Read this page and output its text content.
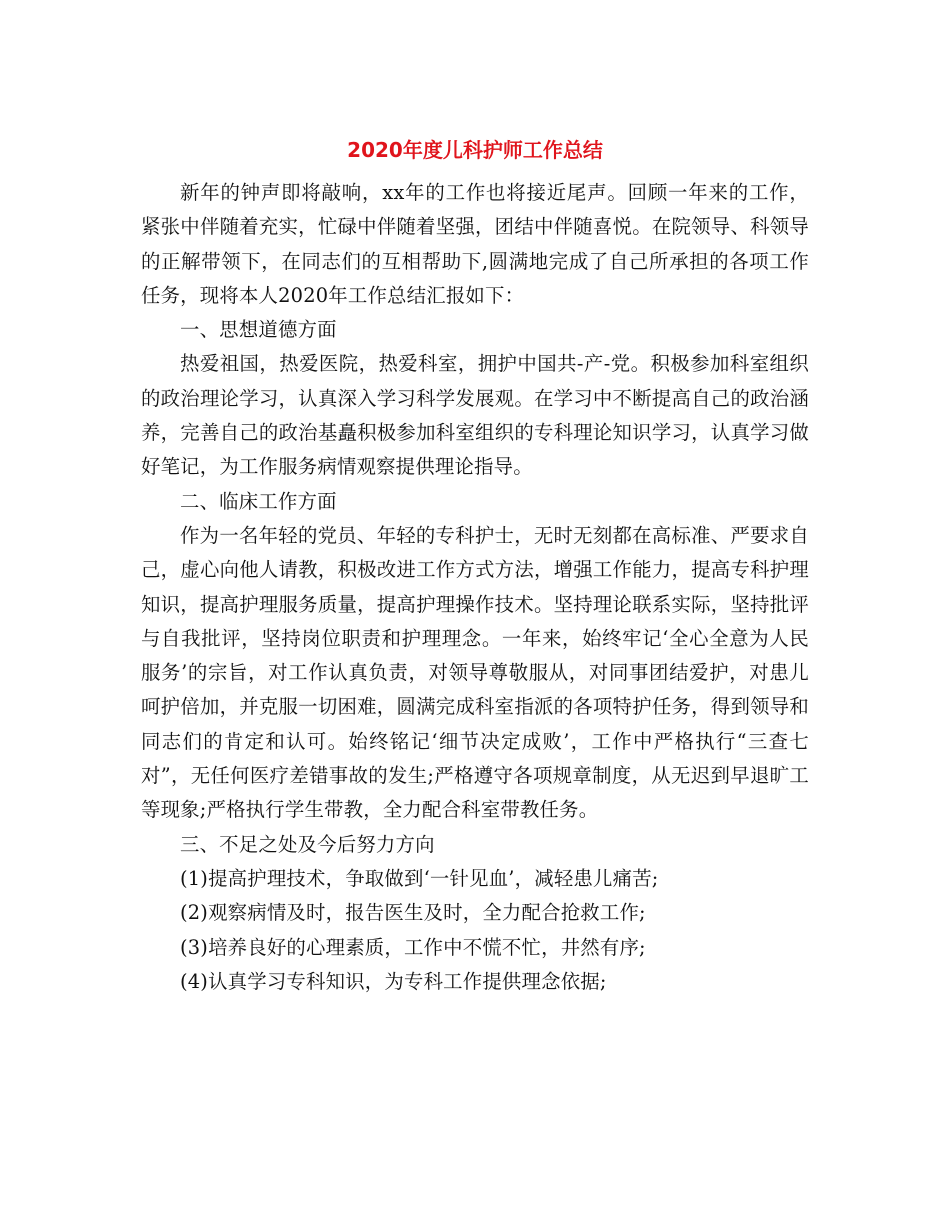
2020年度儿科护师工作总结

新年的钟声即将敲响，xx年的工作也将接近尾声。回顾一年来的工作，紧张中伴随着充实，忙碌中伴随着坚强，团结中伴随喜悦。在院领导、科领导的正解带领下，在同志们的互相帮助下,圆满地完成了自己所承担的各项工作任务，现将本人2020年工作总结汇报如下：

一、思想道德方面

热爱祖国，热爱医院，热爱科室，拥护中国共-产-党。积极参加科室组织的政治理论学习，认真深入学习科学发展观。在学习中不断提高自己的政治涵养，完善自己的政治基矗积极参加科室组织的专科理论知识学习，认真学习做好笔记，为工作服务病情观察提供理论指导。

二、临床工作方面

作为一名年轻的党员、年轻的专科护士，无时无刻都在高标准、严要求自己，虚心向他人请教，积极改进工作方式方法，增强工作能力，提高专科护理知识，提高护理服务质量，提高护理操作技术。坚持理论联系实际，坚持批评与自我批评，坚持岗位职责和护理理念。一年来，始终牢记‘全心全意为人民服务’的宗旨，对工作认真负责，对领导尊敬服从，对同事团结爱护，对患儿呵护倍加，并克服一切困难，圆满完成科室指派的各项特护任务，得到领导和同志们的肯定和认可。始终铭记‘细节决定成败’，工作中严格执行“三查七对”，无任何医疗差错事故的发生;严格遵守各项规章制度，从无迟到早退旷工等现象;严格执行学生带教，全力配合科室带教任务。

三、不足之处及今后努力方向

(1)提高护理技术，争取做到‘一针见血’，减轻患儿痛苦;

(2)观察病情及时，报告医生及时，全力配合抢救工作;

(3)培养良好的心理素质，工作中不慌不忙，井然有序;

(4)认真学习专科知识，为专科工作提供理念依据;
